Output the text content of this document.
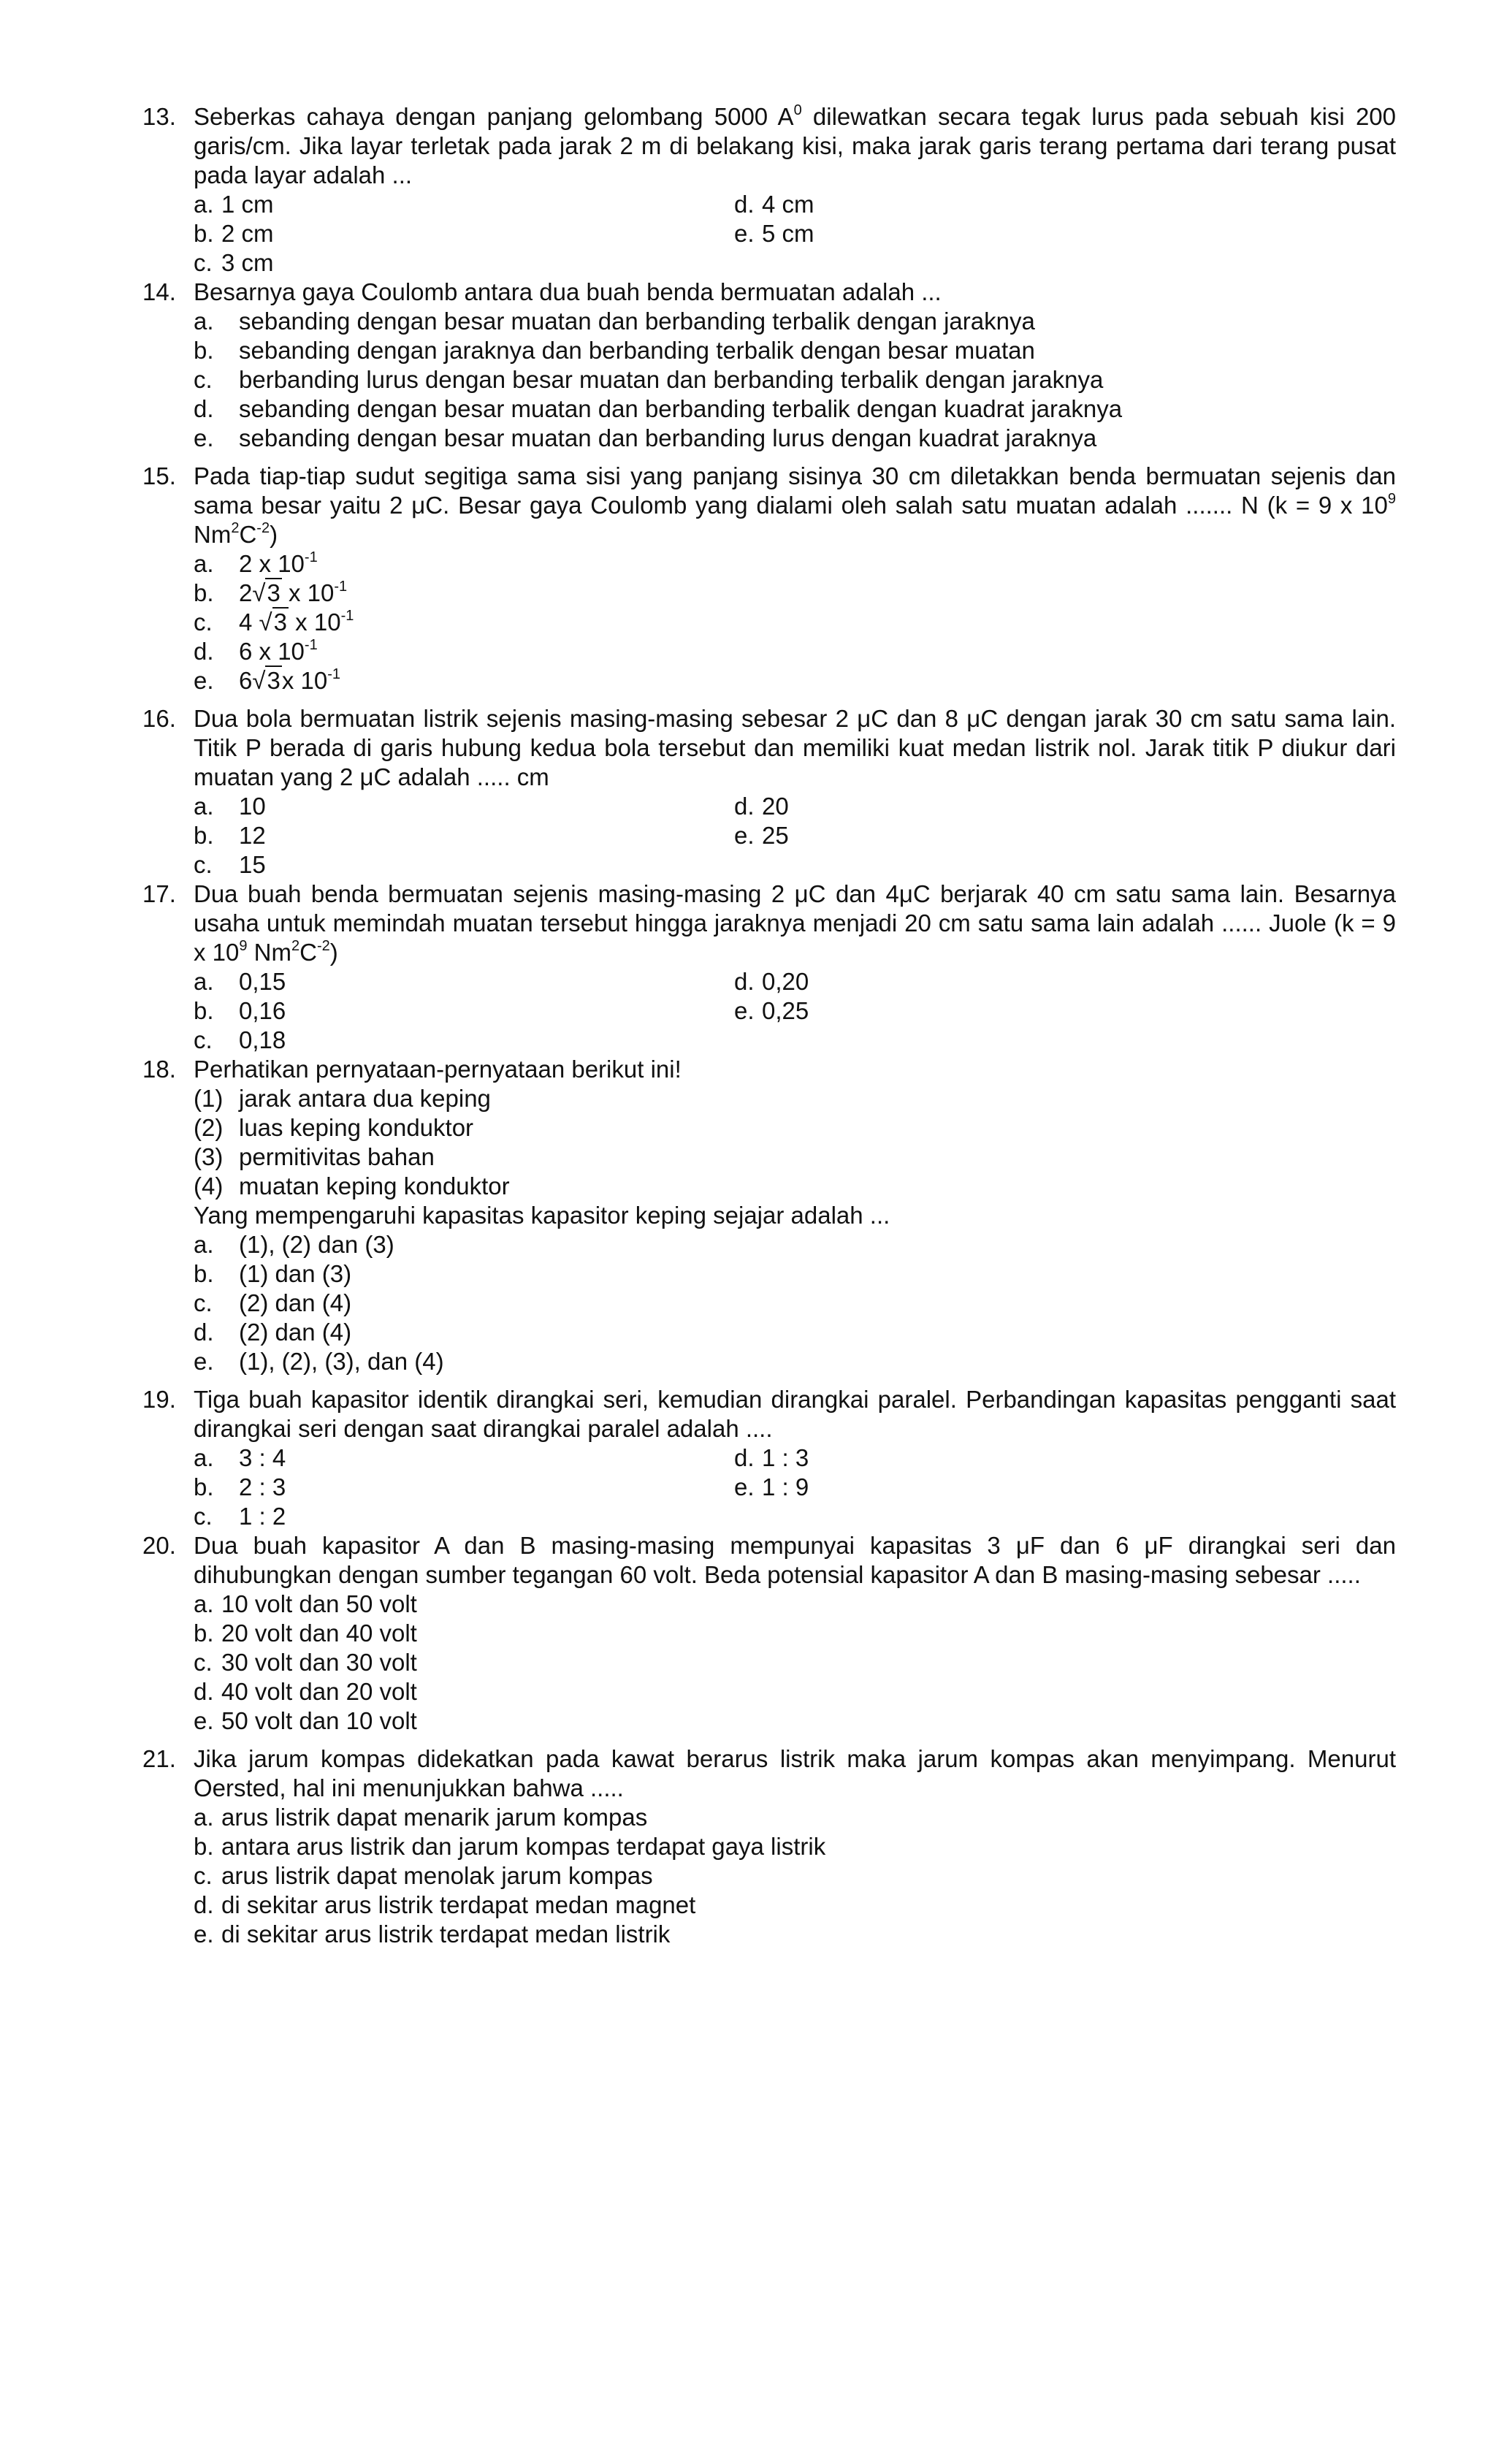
13. Seberkas cahaya dengan panjang gelombang 5000 $A^0$ dilewatkan secara tegak lurus pada sebuah kisi 200 garis/cm. Jika layar terletak pada jarak 2 m di belakang kisi, maka jarak garis terang pertama dari terang pusat pada layar adalah ...
a. 1 cm	d. 4 cm
b. 2 cm	e. 5 cm
c. 3 cm
14. Besarnya gaya Coulomb antara dua buah benda bermuatan adalah ...
a.	sebanding dengan besar muatan dan berbanding terbalik dengan jaraknya
b.	sebanding dengan jaraknya dan berbanding terbalik dengan besar muatan
c.	berbanding lurus dengan besar muatan dan berbanding terbalik dengan jaraknya
d.	sebanding dengan besar muatan dan berbanding terbalik dengan kuadrat jaraknya
e.	sebanding dengan besar muatan dan berbanding lurus dengan kuadrat jaraknya
15. Pada tiap-tiap sudut segitiga sama sisi yang panjang sisinya 30 cm diletakkan benda bermuatan sejenis dan sama besar yaitu 2 μC. Besar gaya Coulomb yang dialami oleh salah satu muatan adalah ....... N (k = 9 x $10^9$ $Nm^2C^{-2}$)
a.	2 x $10^{-1}$
b.	2√3 x $10^{-1}$
c.	4 √3 x $10^{-1}$
d.	6 x $10^{-1}$
e.	6√3x $10^{-1}$
16. Dua bola bermuatan listrik sejenis masing-masing sebesar 2 μC dan 8 μC dengan jarak 30 cm satu sama lain. Titik P berada di garis hubung kedua bola tersebut dan memiliki kuat medan listrik nol. Jarak titik P diukur dari muatan yang 2 μC adalah ..... cm
a.	10	d. 20
b.	12	e. 25
c.	15
17. Dua buah benda bermuatan sejenis masing-masing 2 μC dan 4μC berjarak 40 cm satu sama lain. Besarnya usaha untuk memindah muatan tersebut hingga jaraknya menjadi 20 cm satu sama lain adalah ...... Juole (k = 9 x $10^9$ $Nm^2C^{-2}$)
a.	0,15	d. 0,20
b.	0,16	e. 0,25
c.	0,18
18. Perhatikan pernyataan-pernyataan berikut ini!
(1) jarak antara dua keping
(2) luas keping konduktor
(3) permitivitas bahan
(4) muatan keping konduktor
Yang mempengaruhi kapasitas kapasitor keping sejajar adalah ...
a.	(1), (2) dan (3)
b.	(1) dan (3)
c.	(2) dan (4)
d.	(2) dan (4)
e.	(1), (2), (3), dan (4)
19. Tiga buah kapasitor identik dirangkai seri, kemudian dirangkai paralel. Perbandingan kapasitas pengganti saat dirangkai seri dengan saat dirangkai paralel adalah ....
a.	3 : 4	d. 1 : 3
b.	2 : 3	e. 1 : 9
c.	1 : 2
20. Dua buah kapasitor A dan B masing-masing mempunyai kapasitas 3 μF dan 6 μF dirangkai seri dan dihubungkan dengan sumber tegangan 60 volt. Beda potensial kapasitor A dan B masing-masing sebesar .....
a. 10 volt dan 50 volt
b. 20 volt dan 40 volt
c. 30 volt dan 30 volt
d. 40 volt dan 20 volt
e. 50 volt dan 10 volt
21. Jika jarum kompas didekatkan pada kawat berarus listrik maka jarum kompas akan menyimpang. Menurut Oersted, hal ini menunjukkan bahwa .....
a. arus listrik dapat menarik jarum kompas
b. antara arus listrik dan jarum kompas terdapat gaya listrik
c. arus listrik dapat menolak jarum kompas
d. di sekitar arus listrik terdapat medan magnet
e. di sekitar arus listrik terdapat medan listrik
